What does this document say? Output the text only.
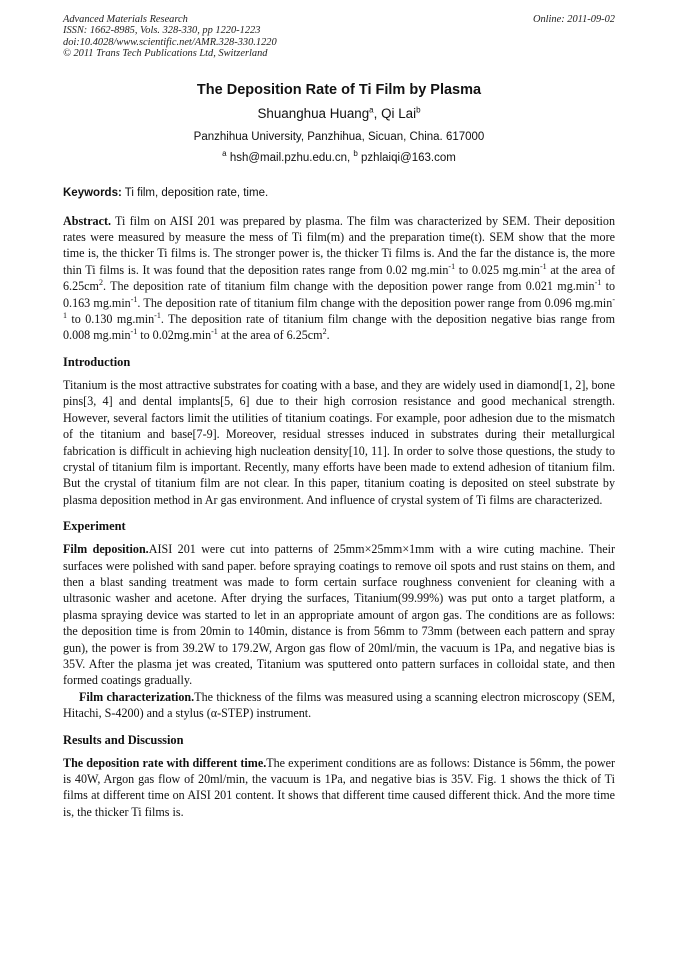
Advanced Materials Research
ISSN: 1662-8985, Vols. 328-330, pp 1220-1223
doi:10.4028/www.scientific.net/AMR.328-330.1220
© 2011 Trans Tech Publications Ltd, Switzerland
Online: 2011-09-02
The Deposition Rate of Ti Film by Plasma
Shuanghua Huang$^a$, Qi Lai$^b$
Panzhihua University, Panzhihua, Sicuan, China. 617000
$^a$ hsh@mail.pzhu.edu.cn, $^b$ pzhlaiqi@163.com
Keywords: Ti film, deposition rate, time.

Abstract. Ti film on AISI 201 was prepared by plasma. The film was characterized by SEM. Their deposition rates were measured by measure the mess of Ti film(m) and the preparation time(t). SEM show that the more time is, the thicker Ti films is. The stronger power is, the thicker Ti films is. And the far the distance is, the more thin Ti films is. It was found that the deposition rates range from 0.02 $mg.\min^{-1}$ to 0.025 $mg.\min^{-1}$ at the area of $6.25cm^2$. The deposition rate of titanium film change with the deposition power range from 0.021 $mg.\min^{-1}$ to 0.163 $mg.\min^{-1}$. The deposition rate of titanium film change with the deposition power range from 0.096 $mg.\min^{-1}$ to 0.130 $mg.\min^{-1}$. The deposition rate of titanium film change with the deposition negative bias range from 0.008 $mg.\min^{-1}$ to $0.02mg.\min^{-1}$ at the area of $6.25cm^2$.

Introduction

Titanium is the most attractive substrates for coating with a base, and they are widely used in diamond[1, 2], bone pins[3, 4] and dental implants[5, 6] due to their high corrosion resistance and good mechanical strength. However, several factors limit the utilities of titanium coatings. For example, poor adhesion due to the mismatch of the titanium and base[7-9]. Moreover, residual stresses induced in substrates during their metallurgical fabrication is difficult in achieving high nucleation density[10, 11]. In order to solve those questions, the study to crystal of titanium film is important. Recently, many efforts have been made to extend adhesion of titanium film. But the crystal of titanium film are not clear. In this paper, titanium coating is deposited on steel substrate by plasma deposition method in Ar gas environment. And influence of crystal system of Ti films are characterized.

Experiment

Film deposition.AISI 201 were cut into patterns of 25mm×25mm×1mm with a wire cuting machine. Their surfaces were polished with sand paper. before spraying coatings to remove oil spots and rust stains on them, and then a blast sanding treatment was made to form certain surface roughness convenient for cleaning with a ultrasonic washer and acetone. After drying the surfaces, Titanium(99.99%) was put onto a target platform, a plasma spraying device was started to let in an appropriate amount of argon gas. The conditions are as follows: the deposition time is from 20min to 140min, distance is from 56mm to 73mm (between each pattern and spray gun), the power is from 39.2W to 179.2W, Argon gas flow of 20ml/min, the vacuum is 1Pa, and negative bias is 35V. After the plasma jet was created, Titanium was sputtered onto pattern surfaces in colloidal state, and then formed coatings gradually.

Film characterization.The thickness of the films was measured using a scanning electron microscopy (SEM, Hitachi, S-4200) and a stylus (α-STEP) instrument.

Results and Discussion

The deposition rate with different time.The experiment conditions are as follows: Distance is 56mm, the power is 40W, Argon gas flow of 20ml/min, the vacuum is 1Pa, and negative bias is 35V. Fig. 1 shows the thick of Ti films at different time on AISI 201 content. It shows that different time caused different thick. And the more time is, the thicker Ti films is.
